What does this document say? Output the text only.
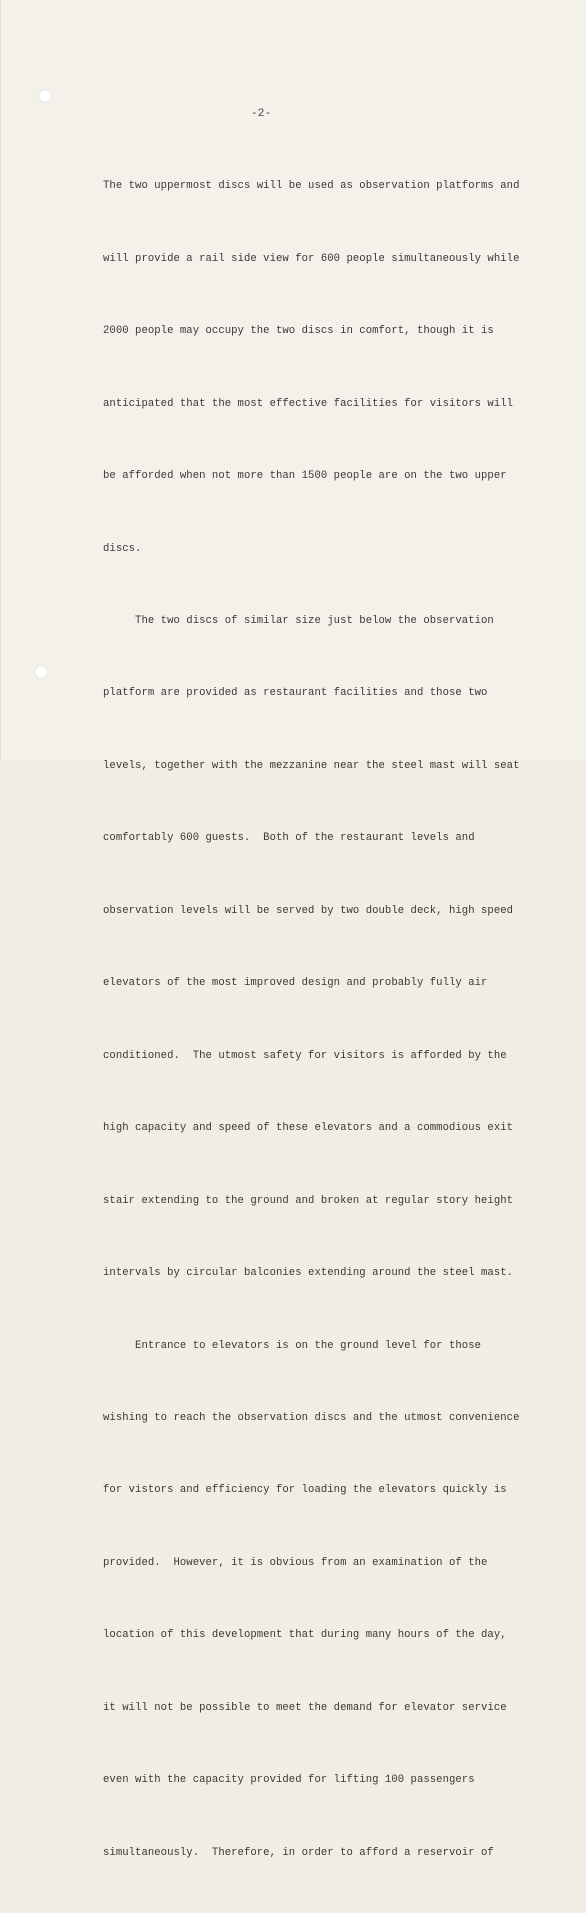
-2-

The two uppermost discs will be used as observation platforms and

will provide a rail side view for 600 people simultaneously while

2000 people may occupy the two discs in comfort, though it is

anticipated that the most effective facilities for visitors will

be afforded when not more than 1500 people are on the two upper

discs.

The two discs of similar size just below the observation

platform are provided as restaurant facilities and those two

levels, together with the mezzanine near the steel mast will seat

comfortably 600 guests.  Both of the restaurant levels and

observation levels will be served by two double deck, high speed

elevators of the most improved design and probably fully air

conditioned.  The utmost safety for visitors is afforded by the

high capacity and speed of these elevators and a commodious exit

stair extending to the ground and broken at regular story height

intervals by circular balconies extending around the steel mast.

Entrance to elevators is on the ground level for those

wishing to reach the observation discs and the utmost convenience

for vistors and efficiency for loading the elevators quickly is

provided.  However, it is obvious from an examination of the

location of this development that during many hours of the day,

it will not be possible to meet the demand for elevator service

even with the capacity provided for lifting 100 passengers

simultaneously.  Therefore, in order to afford a reservoir of
